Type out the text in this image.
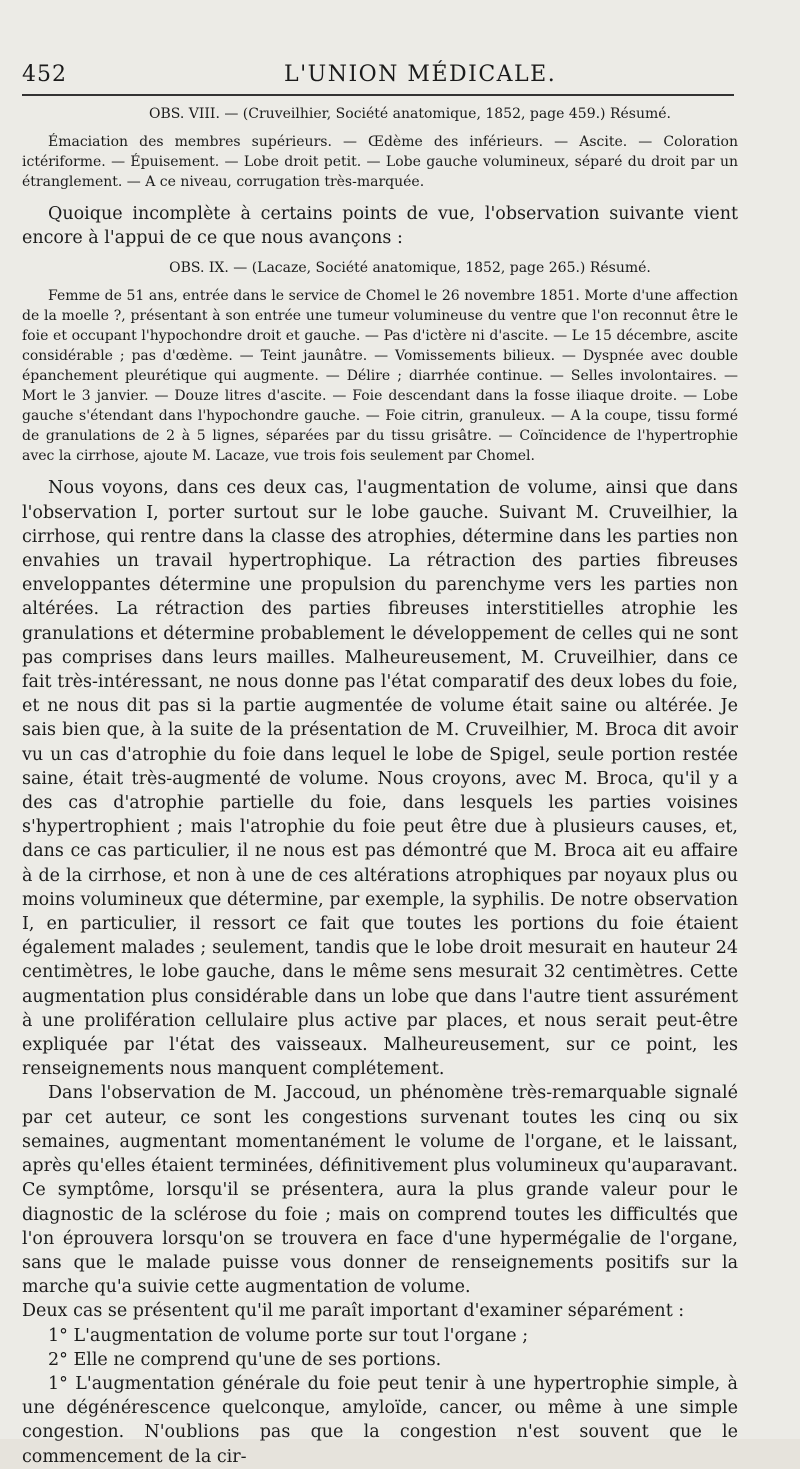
452	L'UNION MÉDICALE.
OBS. VIII. — (Cruveilhier, Société anatomique, 1852, page 459.) Résumé.
Émaciation des membres supérieurs. — Œdème des inférieurs. — Ascite. — Coloration ictériforme. — Épuisement. — Lobe droit petit. — Lobe gauche volumineux, séparé du droit par un étranglement. — A ce niveau, corrugation très-marquée.
Quoique incomplète à certains points de vue, l'observation suivante vient encore à l'appui de ce que nous avançons :
OBS. IX. — (Lacaze, Société anatomique, 1852, page 265.) Résumé.
Femme de 51 ans, entrée dans le service de Chomel le 26 novembre 1851. Morte d'une affection de la moelle ?, présentant à son entrée une tumeur volumineuse du ventre que l'on reconnut être le foie et occupant l'hypochondre droit et gauche. — Pas d'ictère ni d'ascite. — Le 15 décembre, ascite considérable ; pas d'œdème. — Teint jaunâtre. — Vomissements bilieux. — Dyspnée avec double épanchement pleurétique qui augmente. — Délire ; diarrhée continue. — Selles involontaires. — Mort le 3 janvier. — Douze litres d'ascite. — Foie descendant dans la fosse iliaque droite. — Lobe gauche s'étendant dans l'hypochondre gauche. — Foie citrin, granuleux. — A la coupe, tissu formé de granulations de 2 à 5 lignes, séparées par du tissu grisâtre. — Coïncidence de l'hypertrophie avec la cirrhose, ajoute M. Lacaze, vue trois fois seulement par Chomel.
Nous voyons, dans ces deux cas, l'augmentation de volume, ainsi que dans l'observation I, porter surtout sur le lobe gauche. Suivant M. Cruveilhier, la cirrhose, qui rentre dans la classe des atrophies, détermine dans les parties non envahies un travail hypertrophique. La rétraction des parties fibreuses enveloppantes détermine une propulsion du parenchyme vers les parties non altérées. La rétraction des parties fibreuses interstitielles atrophie les granulations et détermine probablement le développement de celles qui ne sont pas comprises dans leurs mailles. Malheureusement, M. Cruveilhier, dans ce fait très-intéressant, ne nous donne pas l'état comparatif des deux lobes du foie, et ne nous dit pas si la partie augmentée de volume était saine ou altérée. Je sais bien que, à la suite de la présentation de M. Cruveilhier, M. Broca dit avoir vu un cas d'atrophie du foie dans lequel le lobe de Spigel, seule portion restée saine, était très-augmenté de volume. Nous croyons, avec M. Broca, qu'il y a des cas d'atrophie partielle du foie, dans lesquels les parties voisines s'hypertrophient ; mais l'atrophie du foie peut être due à plusieurs causes, et, dans ce cas particulier, il ne nous est pas démontré que M. Broca ait eu affaire à de la cirrhose, et non à une de ces altérations atrophiques par noyaux plus ou moins volumineux que détermine, par exemple, la syphilis. De notre observation I, en particulier, il ressort ce fait que toutes les portions du foie étaient également malades ; seulement, tandis que le lobe droit mesurait en hauteur 24 centimètres, le lobe gauche, dans le même sens mesurait 32 centimètres. Cette augmentation plus considérable dans un lobe que dans l'autre tient assurément à une prolifération cellulaire plus active par places, et nous serait peut-être expliquée par l'état des vaisseaux. Malheureusement, sur ce point, les renseignements nous manquent complétement.
Dans l'observation de M. Jaccoud, un phénomène très-remarquable signalé par cet auteur, ce sont les congestions survenant toutes les cinq ou six semaines, augmentant momentanément le volume de l'organe, et le laissant, après qu'elles étaient terminées, définitivement plus volumineux qu'auparavant. Ce symptôme, lorsqu'il se présentera, aura la plus grande valeur pour le diagnostic de la sclérose du foie ; mais on comprend toutes les difficultés que l'on éprouvera lorsqu'on se trouvera en face d'une hypermégalie de l'organe, sans que le malade puisse vous donner de renseignements positifs sur la marche qu'a suivie cette augmentation de volume.
Deux cas se présentent qu'il me paraît important d'examiner séparément :
1° L'augmentation de volume porte sur tout l'organe ;
2° Elle ne comprend qu'une de ses portions.
1° L'augmentation générale du foie peut tenir à une hypertrophie simple, à une dégénérescence quelconque, amyloïde, cancer, ou même à une simple congestion. N'oublions pas que la congestion n'est souvent que le commencement de la cir-
